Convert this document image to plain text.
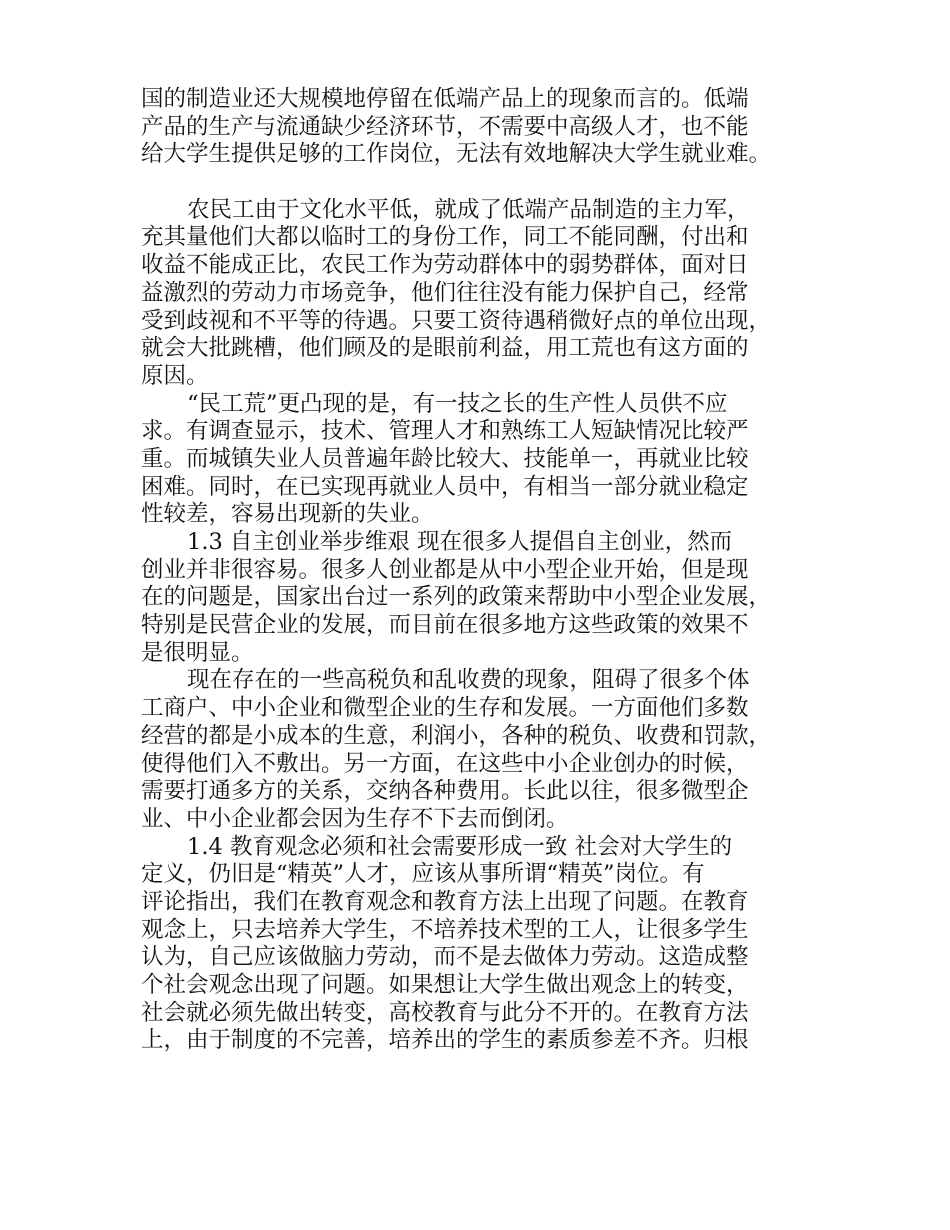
国的制造业还大规模地停留在低端产品上的现象而言的。低端
产品的生产与流通缺少经济环节，不需要中高级人才，也不能
给大学生提供足够的工作岗位，无法有效地解决大学生就业难。
农民工由于文化水平低，就成了低端产品制造的主力军，
充其量他们大都以临时工的身份工作，同工不能同酬，付出和
收益不能成正比，农民工作为劳动群体中的弱势群体，面对日
益激烈的劳动力市场竞争，他们往往没有能力保护自己，经常
受到歧视和不平等的待遇。只要工资待遇稍微好点的单位出现，
就会大批跳槽，他们顾及的是眼前利益，用工荒也有这方面的
原因。
“民工荒”更凸现的是，有一技之长的生产性人员供不应
求。有调查显示，技术、管理人才和熟练工人短缺情况比较严
重。而城镇失业人员普遍年龄比较大、技能单一，再就业比较
困难。同时，在已实现再就业人员中，有相当一部分就业稳定
性较差，容易出现新的失业。
1.3 自主创业举步维艰 现在很多人提倡自主创业，然而
创业并非很容易。很多人创业都是从中小型企业开始，但是现
在的问题是，国家出台过一系列的政策来帮助中小型企业发展，
特别是民营企业的发展，而目前在很多地方这些政策的效果不
是很明显。
现在存在的一些高税负和乱收费的现象，阻碍了很多个体
工商户、中小企业和微型企业的生存和发展。一方面他们多数
经营的都是小成本的生意，利润小，各种的税负、收费和罚款，
使得他们入不敷出。另一方面，在这些中小企业创办的时候，
需要打通多方的关系，交纳各种费用。长此以往，很多微型企
业、中小企业都会因为生存不下去而倒闭。
1.4 教育观念必须和社会需要形成一致 社会对大学生的
定义，仍旧是“精英”人才，应该从事所谓“精英”岗位。有
评论指出，我们在教育观念和教育方法上出现了问题。在教育
观念上，只去培养大学生，不培养技术型的工人，让很多学生
认为，自己应该做脑力劳动，而不是去做体力劳动。这造成整
个社会观念出现了问题。如果想让大学生做出观念上的转变，
社会就必须先做出转变，高校教育与此分不开的。在教育方法
上，由于制度的不完善，培养出的学生的素质参差不齐。归根
